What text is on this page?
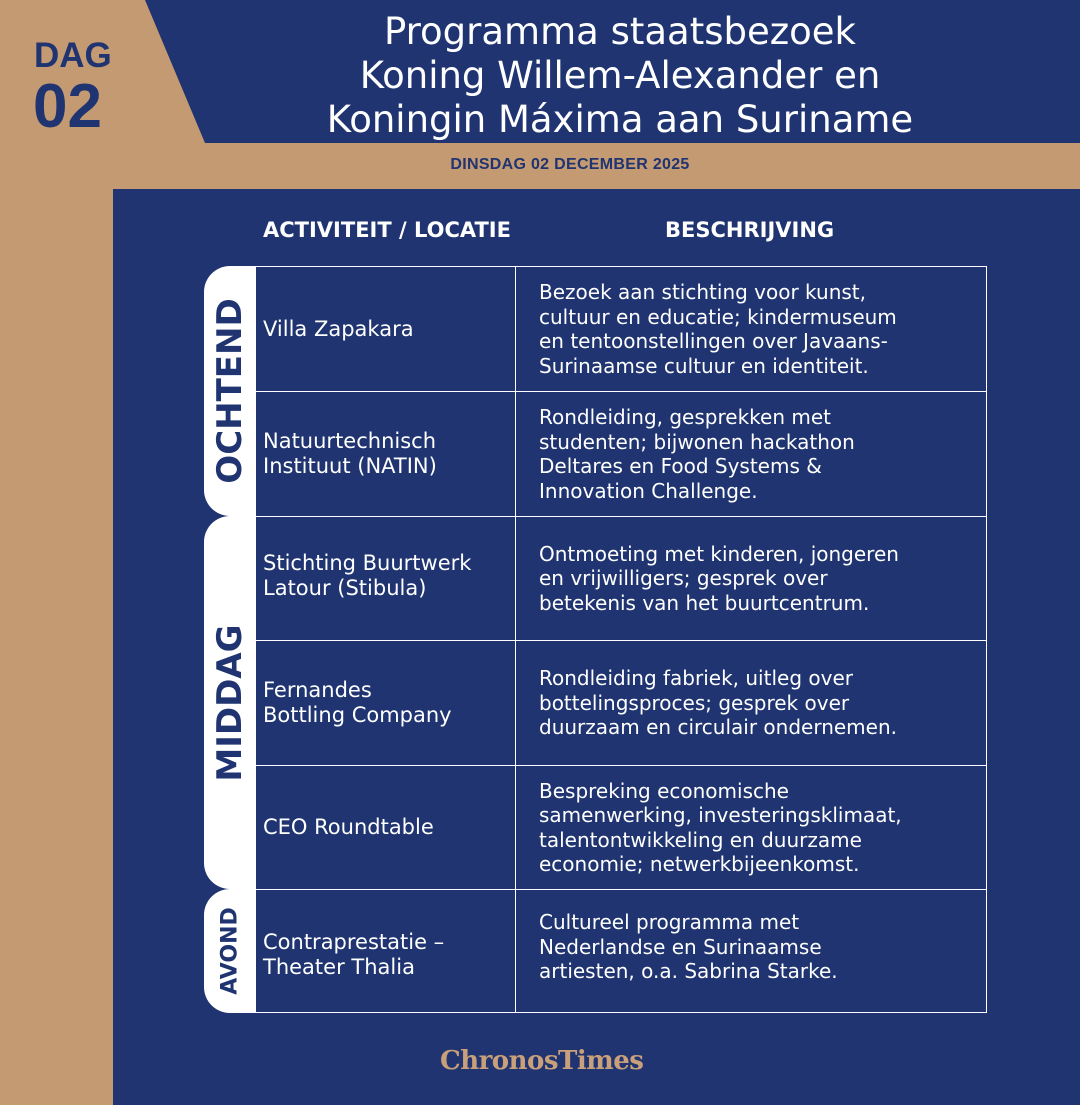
DAG
02
Programma staatsbezoek
Koning Willem-Alexander en
Koningin Máxima aan Suriname
DINSDAG 02 DECEMBER 2025
ACTIVITEIT / LOCATIE	BESCHRIJVING
OCHTEND
MIDDAG
AVOND
Villa Zapakara
Bezoek aan stichting voor kunst,
cultuur en educatie; kindermuseum
en tentoonstellingen over Javaans-
Surinaamse cultuur en identiteit.
Natuurtechnisch
Instituut (NATIN)
Rondleiding, gesprekken met
studenten; bijwonen hackathon
Deltares en Food Systems &
Innovation Challenge.
Stichting Buurtwerk
Latour (Stibula)
Ontmoeting met kinderen, jongeren
en vrijwilligers; gesprek over
betekenis van het buurtcentrum.
Fernandes
Bottling Company
Rondleiding fabriek, uitleg over
bottelingsproces; gesprek over
duurzaam en circulair ondernemen.
CEO Roundtable
Bespreking economische
samenwerking, investeringsklimaat,
talentontwikkeling en duurzame
economie; netwerkbijeenkomst.
Contraprestatie –
Theater Thalia
Cultureel programma met
Nederlandse en Surinaamse
artiesten, o.a. Sabrina Starke.
ChronosTimes
